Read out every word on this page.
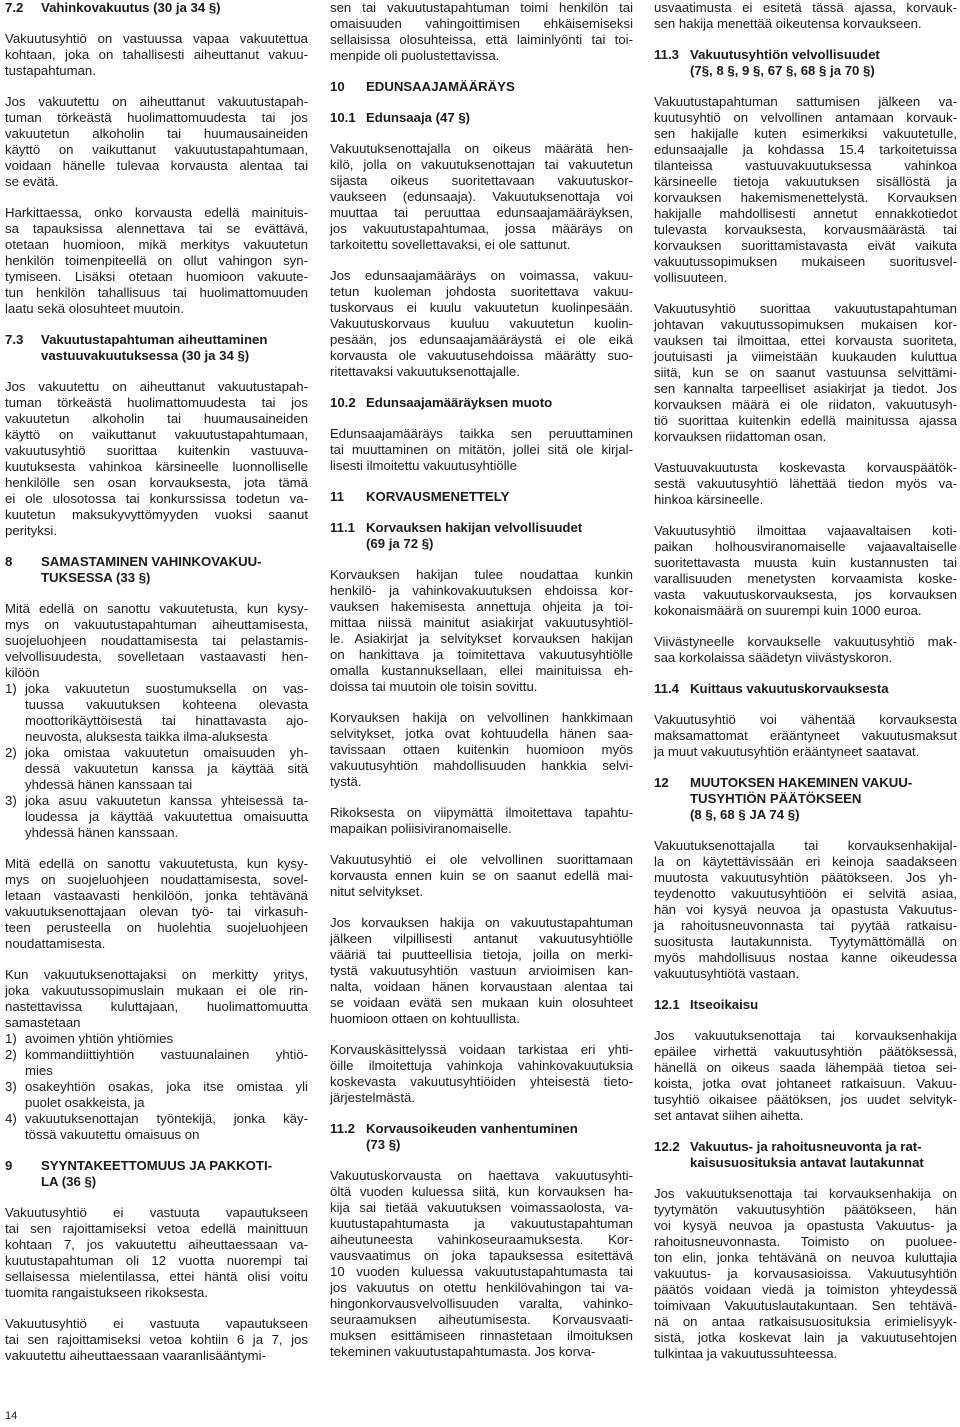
7.2	Vahinkovakuutus (30 ja 34 §)
Vakuutusyhtiö on vastuussa vapaa vakuutettua
kohtaan, joka on tahallisesti aiheuttanut vakuu-
tustapahtuman.
Jos vakuutettu on aiheuttanut vakuutustapah-
tuman törkeästä huolimattomuudesta tai jos
vakuutetun alkoholin tai huumausaineiden
käyttö on vaikuttanut vakuutustapahtumaan,
voidaan hänelle tulevaa korvausta alentaa tai
se evätä.
Harkittaessa, onko korvausta edellä mainituis-
sa tapauksissa alennettava tai se evättävä,
otetaan huomioon, mikä merkitys vakuutetun
henkilön toimenpiteellä on ollut vahingon syn-
tymiseen. Lisäksi otetaan huomioon vakuute-
tun henkilön tahallisuus tai huolimattomuuden
laatu sekä olosuhteet muutoin.
7.3	Vakuutustapahtuman aiheuttaminen
vastuuvakuutuksessa (30 ja 34 §)
Jos vakuutettu on aiheuttanut vakuutustapah-
tuman törkeästä huolimattomuudesta tai jos
vakuutetun alkoholin tai huumausaineiden
käyttö on vaikuttanut vakuutustapahtumaan,
vakuutusyhtiö suorittaa kuitenkin vastuuva-
kuutuksesta vahinkoa kärsineelle luonnolliselle
henkilölle sen osan korvauksesta, jota tämä
ei ole ulosotossa tai konkurssissa todetun va-
kuutetun maksukyvyttömyyden vuoksi saanut
perityksi.
8	SAMASTAMINEN VAHINKOVAKUU-
TUKSESSA (33 §)
Mitä edellä on sanottu vakuutetusta, kun kysy-
mys on vakuutustapahtuman aiheuttamisesta,
suojeluohjeen noudattamisesta tai pelastamis-
velvollisuudesta, sovelletaan vastaavasti hen-
kilöön
1) joka vakuutetun suostumuksella on vas-
tuussa vakuutuksen kohteena olevasta
moottorikäyttöisestä tai hinattavasta ajo-
neuvosta, aluksesta taikka ilma-aluksesta
2) joka omistaa vakuutetun omaisuuden yh-
dessä vakuutetun kanssa ja käyttää sitä
yhdessä hänen kanssaan tai
3) joka asuu vakuutetun kanssa yhteisessä ta-
loudessa ja käyttää vakuutettua omaisuutta
yhdessä hänen kanssaan.
Mitä edellä on sanottu vakuutetusta, kun kysy-
mys on suojeluohjeen noudattamisesta, sovel-
letaan vastaavasti henkilöön, jonka tehtävänä
vakuutuksenottajaan olevan työ- tai virkasuh-
teen perusteella on huolehtia suojeluohjeen
noudattamisesta.
Kun vakuutuksenottajaksi on merkitty yritys,
joka vakuutussopimuslain mukaan ei ole rin-
nastettavissa kuluttajaan, huolimattomuutta
samastetaan
1) avoimen yhtiön yhtiömies
2) kommandiittiyhtiön vastuunalainen yhtiö-
mies
3) osakeyhtiön osakas, joka itse omistaa yli
puolet osakkeista, ja
4) vakuutuksenottajan työntekijä, jonka käy-
tössä vakuutettu omaisuus on
9	SYYNTAKEETTOMUUS JA PAKKOTI-
LA (36 §)
Vakuutusyhtiö ei vastuuta vapautukseen
tai sen rajoittamiseksi vetoa edellä mainittuun
kohtaan 7, jos vakuutettu aiheuttaessaan va-
kuutustapahtuman oli 12 vuotta nuorempi tai
sellaisessa mielentilassa, ettei häntä olisi voitu
tuomita rangaistukseen rikoksesta.
Vakuutusyhtiö ei vastuuta vapautukseen
tai sen rajoittamiseksi vetoa kohtiin 6 ja 7, jos
vakuutettu aiheuttaessaan vaaranlisääntymi-
sen tai vakuutustapahtuman toimi henkilön tai
omaisuuden vahingoittimisen ehkäisemiseksi
sellaisissa olosuhteissa, että laiminlyönti tai toi-
menpide oli puolustettavissa.
10	EDUNSAAJAMÄÄRÄYS
10.1 Edunsaaja (47 §)
Vakuutuksenottajalla on oikeus määrätä hen-
kilö, jolla on vakuutuksenottajan tai vakuutetun
sijasta oikeus suoritettavaan vakuutuskor-
vaukseen (edunsaaja). Vakuutuksenottaja voi
muuttaa tai peruuttaa edunsaajamääräyksen,
jos vakuutustapahtumaa, jossa määräys on
tarkoitettu sovellettavaksi, ei ole sattunut.
Jos edunsaajamääräys on voimassa, vakuu-
tetun kuoleman johdosta suoritettava vakuu-
tuskorvaus ei kuulu vakuutetun kuolinpesään.
Vakuutuskorvaus kuuluu vakuutetun kuolin-
pesään, jos edunsaajamääräystä ei ole eikä
korvausta ole vakuutusehdoissa määrätty suo-
ritettavaksi vakuutuksenottajalle.
10.2 Edunsaajamääräyksen muoto
Edunsaajamääräys taikka sen peruuttaminen
tai muuttaminen on mitätön, jollei sitä ole kirjal-
lisesti ilmoitettu vakuutusyhtiölle
11	KORVAUSMENETTELY
11.1 Korvauksen hakijan velvollisuudet
(69 ja 72 §)
Korvauksen hakijan tulee noudattaa kunkin
henkilö- ja vahinkovakuutuksen ehdoissa kor-
vauksen hakemisesta annettuja ohjeita ja toi-
mittaa niissä mainitut asiakirjat vakuutusyhtiöl-
le. Asiakirjat ja selvitykset korvauksen hakijan
on hankittava ja toimitettava vakuutusyhtiölle
omalla kustannuksellaan, ellei mainituissa eh-
doissa tai muutoin ole toisin sovittu.
Korvauksen hakija on velvollinen hankkimaan
selvitykset, jotka ovat kohtuudella hänen saa-
tavissaan ottaen kuitenkin huomioon myös
vakuutusyhtiön mahdollisuuden hankkia selvi-
tystä.
Rikoksesta on viipymättä ilmoitettava tapahtu-
mapaikan poliisiviranomaiselle.
Vakuutusyhtiö ei ole velvollinen suorittamaan
korvausta ennen kuin se on saanut edellä mai-
nitut selvitykset.
Jos korvauksen hakija on vakuutustapahtuman
jälkeen vilpillisesti antanut vakuutusyhtiölle
vääriä tai puutteellisia tietoja, joilla on merki-
tystä vakuutusyhtiön vastuun arvioimisen kan-
nalta, voidaan hänen korvaustaan alentaa tai
se voidaan evätä sen mukaan kuin olosuhteet
huomioon ottaen on kohtuullista.
Korvauskäsittelyssä voidaan tarkistaa eri yhti-
öille ilmoitettuja vahinkoja vahinkovakuutuksia
koskevasta vakuutusyhtiöiden yhteisestä tieto-
järjestelmästä.
11.2 Korvausoikeuden vanhentuminen
(73 §)
Vakuutuskorvausta on haettava vakuutusyhti-
öltä vuoden kuluessa siitä, kun korvauksen ha-
kija sai tietää vakuutuksen voimassaolosta, va-
kuutustapahtumasta ja vakuutustapahtuman
aiheutuneesta vahinkoseuraamuksesta. Kor-
vausvaatimus on joka tapauksessa esitettävä
10 vuoden kuluessa vakuutustapahtumasta tai
jos vakuutus on otettu henkilövahingon tai va-
hingonkorvausvelvollisuuden varalta, vahinko-
seuraamuksen aiheutumisesta. Korvausvaati-
muksen esittämiseen rinnastetaan ilmoituksen
tekeminen vakuutustapahtumasta. Jos korva-
usvaatimusta ei esitetä tässä ajassa, korvauk-
sen hakija menettää oikeutensa korvaukseen.
11.3 Vakuutusyhtiön velvollisuudet
(7§, 8 §, 9 §, 67 §, 68 § ja 70 §)
Vakuutustapahtuman sattumisen jälkeen va-
kuutusyhtiö on velvollinen antamaan korvauk-
sen hakijalle kuten esimerkiksi vakuutetulle,
edunsaajalle ja kohdassa 15.4 tarkoitetuissa
tilanteissa vastuuvakuutuksessa vahinkoa
kärsineelle tietoja vakuutuksen sisällöstä ja
korvauksen hakemismenettelystä. Korvauksen
hakijalle mahdollisesti annetut ennakkotiedot
tulevasta korvauksesta, korvausmäärästä tai
korvauksen suorittamistavasta eivät vaikuta
vakuutussopimuksen mukaiseen suoritusvel-
vollisuuteen.
Vakuutusyhtiö suorittaa vakuutustapahtuman
johtavan vakuutussopimuksen mukaisen kor-
vauksen tai ilmoittaa, ettei korvausta suoriteta,
joutuisasti ja viimeistään kuukauden kuluttua
siitä, kun se on saanut vastuunsa selvittämi-
sen kannalta tarpeelliset asiakirjat ja tiedot. Jos
korvauksen määrä ei ole riidaton, vakuutusyh-
tiö suorittaa kuitenkin edellä mainitussa ajassa
korvauksen riidattoman osan.
Vastuuvakuutusta koskevasta korvauspäätök-
sestä vakuutusyhtiö lähettää tiedon myös va-
hinkoa kärsineelle.
Vakuutusyhtiö ilmoittaa vajaavaltaisen koti-
paikan holhousviranomaiselle vajaavaltaiselle
suoritettavasta muusta kuin kustannusten tai
varallisuuden menetysten korvaamista koske-
vasta vakuutuskorvauksesta, jos korvauksen
kokonaismäärä on suurempi kuin 1000 euroa.
Viivästyneelle korvaukselle vakuutusyhtiö mak-
saa korkolaissa säädetyn viivästyskoron.
11.4 Kuittaus vakuutuskorvauksesta
Vakuutusyhtiö voi vähentää korvauksesta
maksamattomat erääntyneet vakuutusmaksut
ja muut vakuutusyhtiön erääntyneet saatavat.
12	MUUTOKSEN HAKEMINEN VAKUU-
TUSYHTIÖN PÄÄTÖKSEEN
(8 §, 68 § JA 74 §)
Vakuutuksenottajalla tai korvauksenhakijal-
la on käytettävissään eri keinoja saadakseen
muutosta vakuutusyhtiön päätökseen. Jos yh-
teydenotto vakuutusyhtiöön ei selvitä asiaa,
hän voi kysyä neuvoa ja opastusta Vakuutus-
ja rahoitusneuvonnasta tai pyytää ratkaisu-
suositusta lautakunnista. Tyytymättömällä on
myös mahdollisuus nostaa kanne oikeudessa
vakuutusyhtiötä vastaan.
12.1 Itseoikaisu
Jos vakuutuksenottaja tai korvauksenhakija
epäilee virhettä vakuutusyhtiön päätöksessä,
hänellä on oikeus saada lähempää tietoa sei-
koista, jotka ovat johtaneet ratkaisuun. Vakuu-
tusyhtiö oikaisee päätöksen, jos uudet selvityk-
set antavat siihen aihetta.
12.2 Vakuutus- ja rahoitusneuvonta ja rat-
kaisusuosituksia antavat lautakunnat
Jos vakuutuksenottaja tai korvauksenhakija on
tyytymätön vakuutusyhtiön päätökseen, hän
voi kysyä neuvoa ja opastusta Vakuutus- ja
rahoitusneuvonnasta. Toimisto on puoluee-
ton elin, jonka tehtävänä on neuvoa kuluttajia
vakuutus- ja korvausasioissa. Vakuutusyhtiön
päätös voidaan viedä ja toimiston yhteydessä
toimivaan Vakuutuslautakuntaan. Sen tehtävä-
nä on antaa ratkaisusuosituksia erimielisyyk-
sistä, jotka koskevat lain ja vakuutusehtojen
tulkintaa ja vakuutussuhteessa.
14
